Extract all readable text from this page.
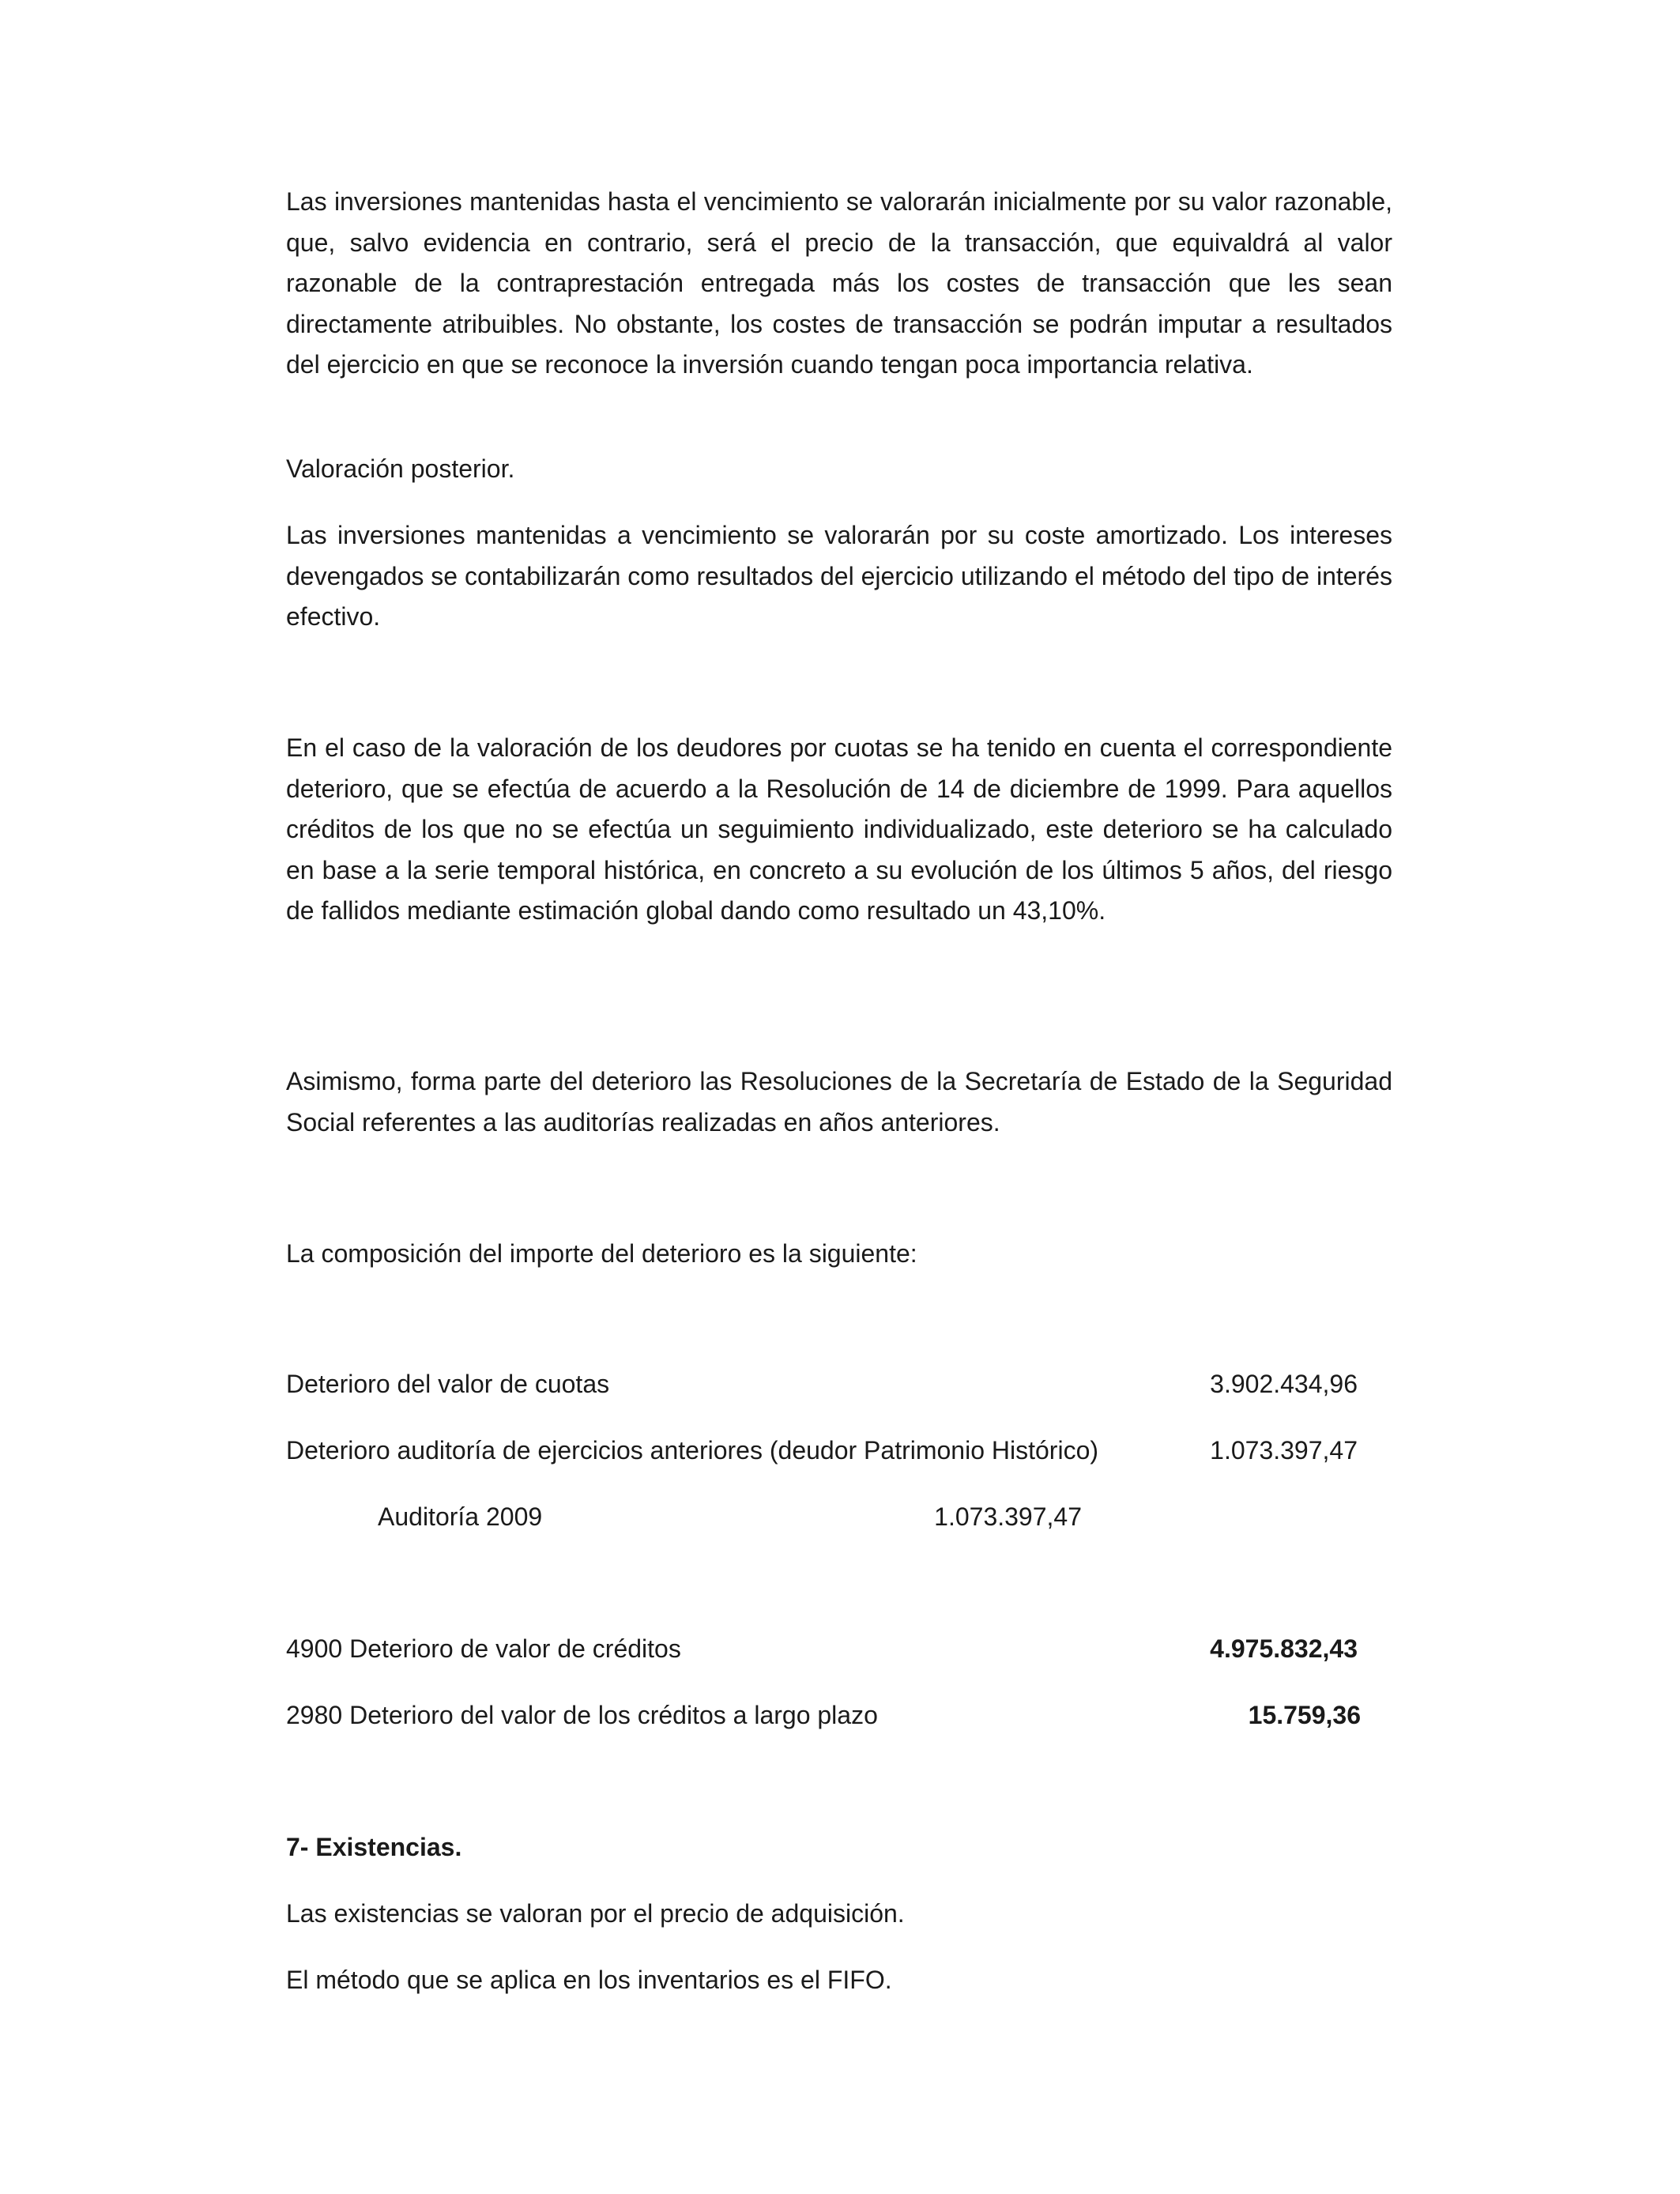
Las inversiones mantenidas hasta el vencimiento se valorarán inicialmente por su valor razonable, que, salvo evidencia en contrario, será el precio de la transacción, que equivaldrá al valor razonable de la contraprestación entregada más los costes de transacción que les sean directamente atribuibles. No obstante, los costes de transacción se podrán imputar a resultados del ejercicio en que se reconoce la inversión cuando tengan poca importancia relativa.

Valoración posterior.

Las inversiones mantenidas a vencimiento se valorarán por su coste amortizado. Los intereses devengados se contabilizarán como resultados del ejercicio utilizando el método del tipo de interés efectivo.

En el caso de la valoración de los deudores por cuotas se ha tenido en cuenta el correspondiente deterioro, que se efectúa de acuerdo a la Resolución de 14 de diciembre de 1999. Para aquellos créditos de los que no se efectúa un seguimiento individualizado, este deterioro se ha calculado en base a la serie temporal histórica, en concreto a su evolución de los últimos 5 años, del riesgo de fallidos mediante estimación global dando como resultado un 43,10%.

Asimismo, forma parte del deterioro las Resoluciones de la Secretaría de Estado de la Seguridad Social referentes a las auditorías realizadas en años anteriores.

La composición del importe del deterioro es la siguiente:

Deterioro del valor de cuotas	3.902.434,96

Deterioro auditoría de ejercicios anteriores (deudor Patrimonio Histórico)	1.073.397,47

Auditoría 2009	1.073.397,47

4900 Deterioro de valor de créditos	4.975.832,43

2980 Deterioro del valor de los créditos a largo plazo	15.759,36

7- Existencias.

Las existencias se valoran por el precio de adquisición.

El método que se aplica en los inventarios es el FIFO.
